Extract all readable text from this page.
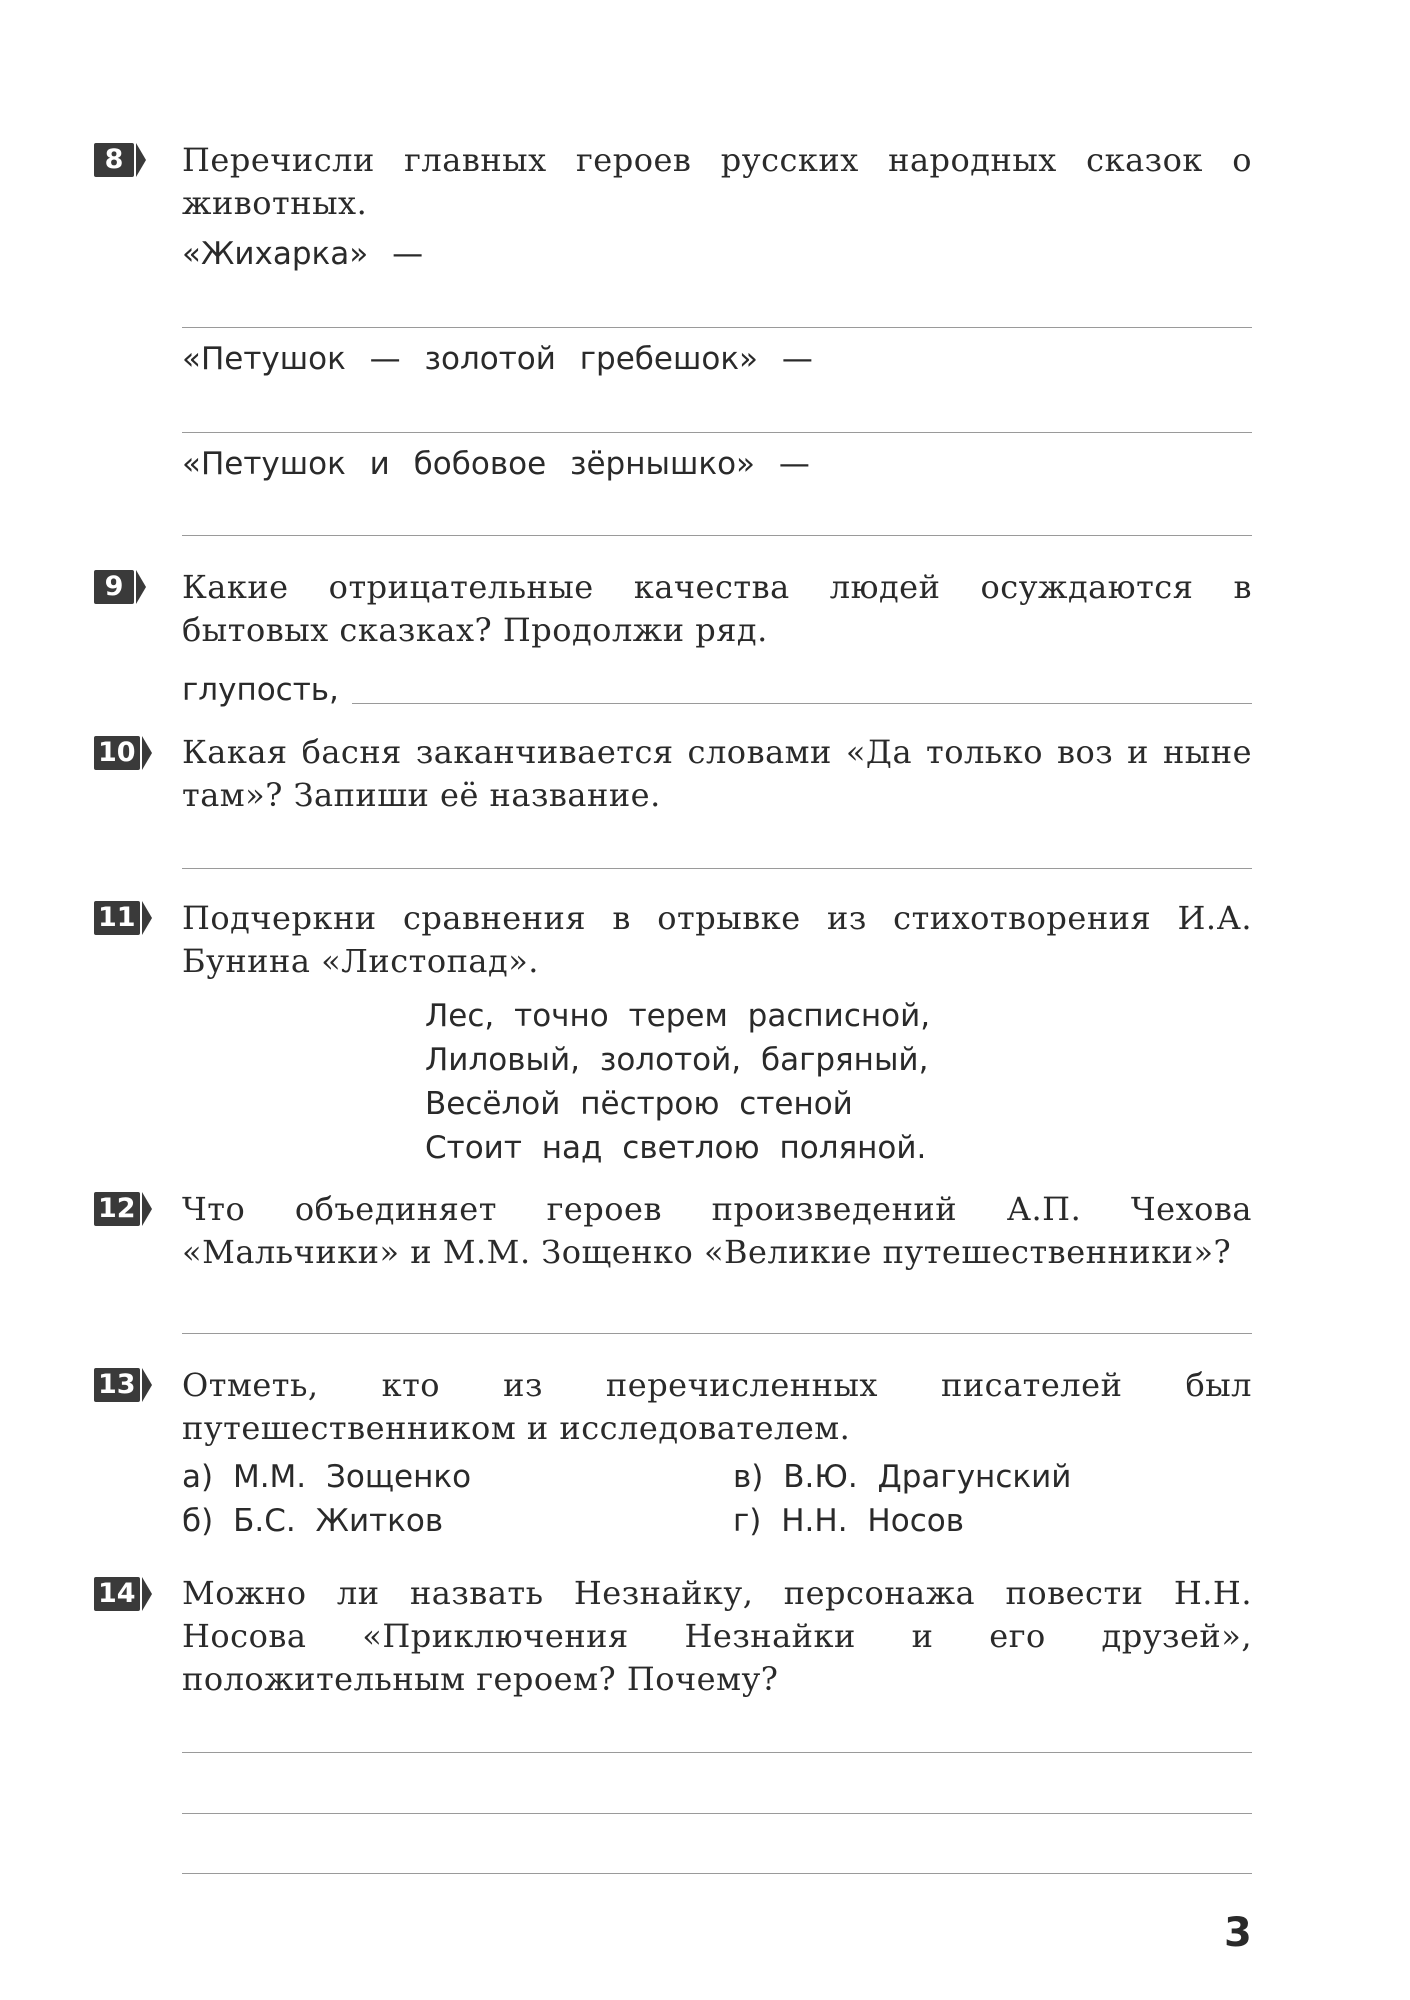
8	Перечисли главных героев русских народных сказок о животных.

«Жихарка» —

«Петушок — золотой гребешок» —

«Петушок и бобовое зёрнышко» —

9	Какие отрицательные качества людей осуждаются в бытовых сказках? Продолжи ряд.

глупость,

10 Какая басня заканчивается словами «Да только воз и ныне там»? Запиши её название.

11 Подчеркни сравнения в отрывке из стихотворения И.А. Бунина «Листопад».

Лес, точно терем расписной,
Лиловый, золотой, багряный,
Весёлой пёстрою стеной
Стоит над светлою поляной.
12 Что объединяет героев произведений А.П. Чехова «Мальчики» и М.М. Зощенко «Великие путешественники»?

13 Отметь, кто из перечисленных писателей был путешественником и исследователем.

а) М.М. Зощенко
б) Б.С. Житков
в) В.Ю. Драгунский
г) Н.Н. Носов
14 Можно ли назвать Незнайку, персонажа повести Н.Н. Носова «Приключения Незнайки и его друзей», положительным героем? Почему?

3
